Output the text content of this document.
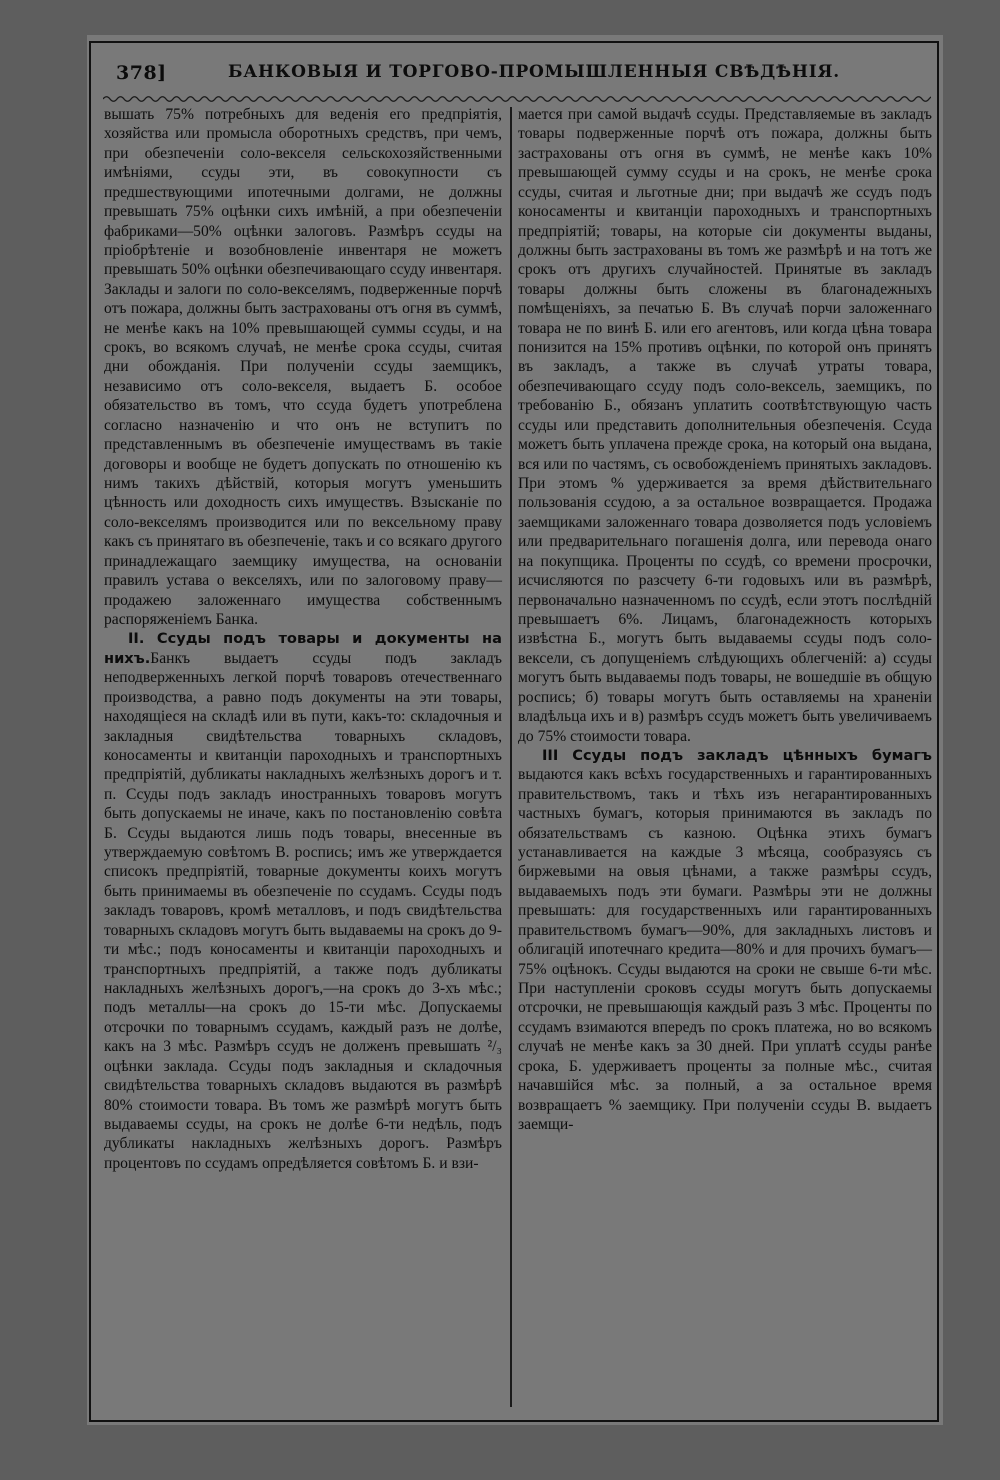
378]	БАНКОВЫЯ И ТОРГОВО-ПРОМЫШЛЕННЫЯ СВѢДѢНІЯ.

вышать 75% потребныхъ для веденія его предпріятія, хозяйства или промысла оборотныхъ средствъ, при чемъ, при обезпеченіи соло-векселя сельскохозяйственными имѣніями, ссуды эти, въ совокупности съ предшествующими ипотечными долгами, не должны превышать 75% оцѣнки сихъ имѣній, а при обезпеченіи фабриками—50% оцѣнки залоговъ. Размѣръ ссуды на пріобрѣтеніе и возобновленіе инвентаря не можетъ превышать 50% оцѣнки обезпечивающаго ссуду инвентаря. Заклады и залоги по соло-векселямъ, подверженные порчѣ отъ пожара, должны быть застрахованы отъ огня въ суммѣ, не менѣе какъ на 10% превышающей суммы ссуды, и на срокъ, во всякомъ случаѣ, не менѣе срока ссуды, считая дни обожданія. При полученіи ссуды заемщикъ, независимо отъ соло-векселя, выдаетъ Б. особое обязательство въ томъ, что ссуда будетъ употреблена согласно назначенію и что онъ не вступитъ по представленнымъ въ обезпеченіе имуществамъ въ такіе договоры и вообще не будетъ допускать по отношенію къ нимъ такихъ дѣйствій, которыя могутъ уменьшить цѣнность или доходность сихъ имуществъ. Взысканіе по соло-векселямъ производится или по вексельному праву какъ съ принятаго въ обезпеченіе, такъ и со всякаго другого принадлежащаго заемщику имущества, на основаніи правилъ устава о векселяхъ, или по залоговому праву—продажею заложеннаго имущества собственнымъ распоряженіемъ Банка.

II. Ссуды подъ товары и документы на нихъ.Банкъ выдаетъ ссуды подъ закладъ неподверженныхъ легкой порчѣ товаровъ отечественнаго производства, а равно подъ документы на эти товары, находящіеся на складѣ или въ пути, какъ-то: складочныя и закладныя свидѣтельства товарныхъ складовъ, коносаменты и квитанціи пароходныхъ и транспортныхъ предпріятій, дубликаты накладныхъ желѣзныхъ дорогъ и т. п. Ссуды подъ закладъ иностранныхъ товаровъ могутъ быть допускаемы не иначе, какъ по постановленію совѣта Б. Ссуды выдаются лишь подъ товары, внесенные въ утверждаемую совѣтомъ В. роспись; имъ же утверждается списокъ предпріятій, товарные документы коихъ могутъ быть принимаемы въ обезпеченіе по ссудамъ. Ссуды подъ закладъ товаровъ, кромѣ металловъ, и подъ свидѣтельства товарныхъ складовъ могутъ быть выдаваемы на срокъ до 9-ти мѣс.; подъ коносаменты и квитанціи пароходныхъ и транспортныхъ предпріятій, а также подъ дубликаты накладныхъ желѣзныхъ дорогъ,—на срокъ до 3-хъ мѣс.; подъ металлы—на срокъ до 15-ти мѣс. Допускаемы отсрочки по товарнымъ ссудамъ, каждый разъ не долѣе, какъ на 3 мѣс. Размѣръ ссудъ не долженъ превышать ²/₃ оцѣнки заклада. Ссуды подъ закладныя и складочныя свидѣтельства товарныхъ складовъ выдаются въ размѣрѣ 80% стоимости товара. Въ томъ же размѣрѣ могутъ быть выдаваемы ссуды, на срокъ не долѣе 6-ти недѣль, подъ дубликаты накладныхъ желѣзныхъ дорогъ. Размѣръ процентовъ по ссудамъ опредѣляется совѣтомъ Б. и взи-

мается при самой выдачѣ ссуды. Представляемые въ закладъ товары подверженные порчѣ отъ пожара, должны быть застрахованы отъ огня въ суммѣ, не менѣе какъ 10% превышающей сумму ссуды и на срокъ, не менѣе срока ссуды, считая и льготные дни; при выдачѣ же ссудъ подъ коносаменты и квитанціи пароходныхъ и транспортныхъ предпріятій; товары, на которые сіи документы выданы, должны быть застрахованы въ томъ же размѣрѣ и на тотъ же срокъ отъ другихъ случайностей. Принятые въ закладъ товары должны быть сложены въ благонадежныхъ помѣщеніяхъ, за печатью Б. Въ случаѣ порчи заложеннаго товара не по винѣ Б. или его агентовъ, или когда цѣна товара понизится на 15% противъ оцѣнки, по которой онъ принятъ въ закладъ, а также въ случаѣ утраты товара, обезпечивающаго ссуду подъ соло-вексель, заемщикъ, по требованію Б., обязанъ уплатить соотвѣтствующую часть ссуды или представить дополнительныя обезпеченія. Ссуда можетъ быть уплачена прежде срока, на который она выдана, вся или по частямъ, съ освобожденіемъ принятыхъ закладовъ. При этомъ % удерживается за время дѣйствительнаго пользованія ссудою, а за остальное возвращается. Продажа заемщиками заложеннаго товара дозволяется подъ условіемъ или предварительнаго погашенія долга, или перевода онаго на покупщика. Проценты по ссудѣ, со времени просрочки, исчисляются по разсчету 6-ти годовыхъ или въ размѣрѣ, первоначально назначенномъ по ссудѣ, если этотъ послѣдній превышаетъ 6%. Лицамъ, благонадежность которыхъ извѣстна Б., могутъ быть выдаваемы ссуды подъ соло-вексели, съ допущеніемъ слѣдующихъ облегченій: а) ссуды могутъ быть выдаваемы подъ товары, не вошедшіе въ общую роспись; б) товары могутъ быть оставляемы на храненіи владѣльца ихъ и в) размѣръ ссудъ можетъ быть увеличиваемъ до 75% стоимости товара.

III Ссуды подъ закладъ цѣнныхъ бумагъ выдаются какъ всѣхъ государственныхъ и гарантированныхъ правительствомъ, такъ и тѣхъ изъ негарантированныхъ частныхъ бумагъ, которыя принимаются въ закладъ по обязательствамъ съ казною. Оцѣнка этихъ бумагъ устанавливается на каждые 3 мѣсяца, сообразуясь съ биржевыми на овыя цѣнами, а также размѣры ссудъ, выдаваемыхъ подъ эти бумаги. Размѣры эти не должны превышать: для государственныхъ или гарантированныхъ правительствомъ бумагъ—90%, для закладныхъ листовъ и облигацій ипотечнаго кредита—80% и для прочихъ бумагъ—75% оцѣнокъ. Ссуды выдаются на сроки не свыше 6-ти мѣс. При наступленіи сроковъ ссуды могутъ быть допускаемы отсрочки, не превышающія каждый разъ 3 мѣс. Проценты по ссудамъ взимаются впередъ по срокъ платежа, но во всякомъ случаѣ не менѣе какъ за 30 дней. При уплатѣ ссуды ранѣе срока, Б. удерживаетъ проценты за полные мѣс., считая начавшійся мѣс. за полный, а за остальное время возвращаетъ % заемщику. При полученіи ссуды В. выдаетъ заемщи-
